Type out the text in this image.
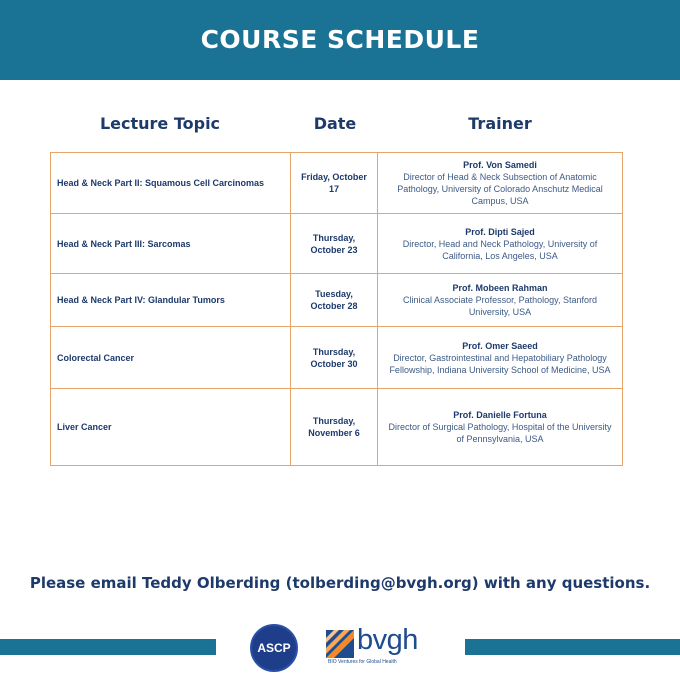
COURSE SCHEDULE
Lecture Topic	Date	Trainer
Head & Neck Part II: Squamous Cell Carcinomas	Friday, October 17	Prof. Von Samedi
Director of Head & Neck Subsection of Anatomic Pathology, University of Colorado Anschutz Medical Campus, USA

Head & Neck Part III: Sarcomas	Thursday, October 23	Prof. Dipti Sajed
Director, Head and Neck Pathology, University of California, Los Angeles, USA

Head & Neck Part IV: Glandular Tumors	Tuesday, October 28	Prof. Mobeen Rahman
Clinical Associate Professor, Pathology, Stanford University, USA

Colorectal Cancer	Thursday, October 30	Prof. Omer Saeed
Director, Gastrointestinal and Hepatobiliary Pathology Fellowship, Indiana University School of Medicine, USA

Liver Cancer	Thursday, November 6	Prof. Danielle Fortuna
Director of Surgical Pathology, Hospital of the University of Pennsylvania, USA
Please email Teddy Olberding (tolberding@bvgh.org) with any questions.
ASCP bvgh
BIO Ventures for Global Health
